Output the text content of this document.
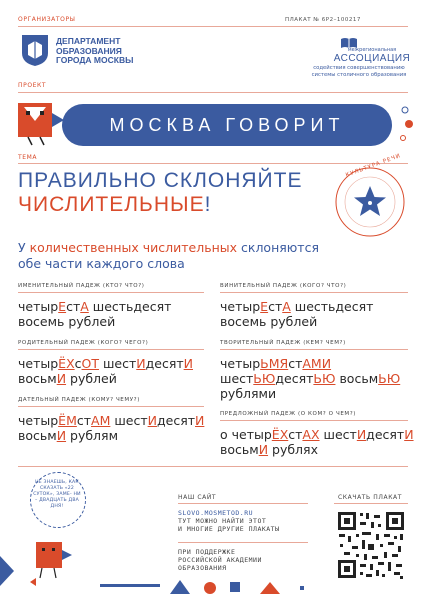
ОРГАНИЗАТОРЫ	ПЛАКАТ № 6Р2–100217
ДЕПАРТАМЕНТ
ОБРАЗОВАНИЯ
ГОРОДА МОСКВЫ
межрегиональная
АССОЦИАЦИЯ
содействия совершенствованию
системы столичного образования
ПРОЕКТ
МОСКВА ГОВОРИТ
ТЕМА
ПРАВИЛЬНО СКЛОНЯЙТЕ
ЧИСЛИТЕЛЬНЫЕ!
КУЛЬТУРА РЕЧИ
У количественных числительных склоняются
обе части каждого слова
ИМЕНИТЕЛЬНЫЙ ПАДЕЖ (КТО? ЧТО?)
четырЕстА шестьдесят
восемь рублей
РОДИТЕЛЬНЫЙ ПАДЕЖ (КОГО? ЧЕГО?)
четырЁХсОТ шестИдесятИ
восьмИ рублей
ДАТЕЛЬНЫЙ ПАДЕЖ (КОМУ? ЧЕМУ?)
четырЁМстАМ шестИдесятИ
восьмИ рублям
ВИНИТЕЛЬНЫЙ ПАДЕЖ (КОГО? ЧТО?)
четырЕстА шестьдесят
восемь рублей
ТВОРИТЕЛЬНЫЙ ПАДЕЖ (КЕМ? ЧЕМ?)
четырЬМЯстАМИ
шестЬЮдесятЬЮ восьмЬЮ
рублями
ПРЕДЛОЖНЫЙ ПАДЕЖ (О КОМ? О ЧЕМ?)
о четырЁХстАХ шестИдесятИ
восьмИ рублях
НЕ ЗНАЕШЬ, КАК СКАЗАТЬ «22 СУТОК», ЗАМЕ- НИ – ДВАДЦАТЬ ДВА ДНЯ!
НАШ САЙТ
SLOVO.MOSMETOD.RU
ТУТ МОЖНО НАЙТИ ЭТОТ
И МНОГИЕ ДРУГИЕ ПЛАКАТЫ
ПРИ ПОДДЕРЖКЕ
РОССИЙСКОЙ АКАДЕМИИ
ОБРАЗОВАНИЯ
СКАЧАТЬ ПЛАКАТ
